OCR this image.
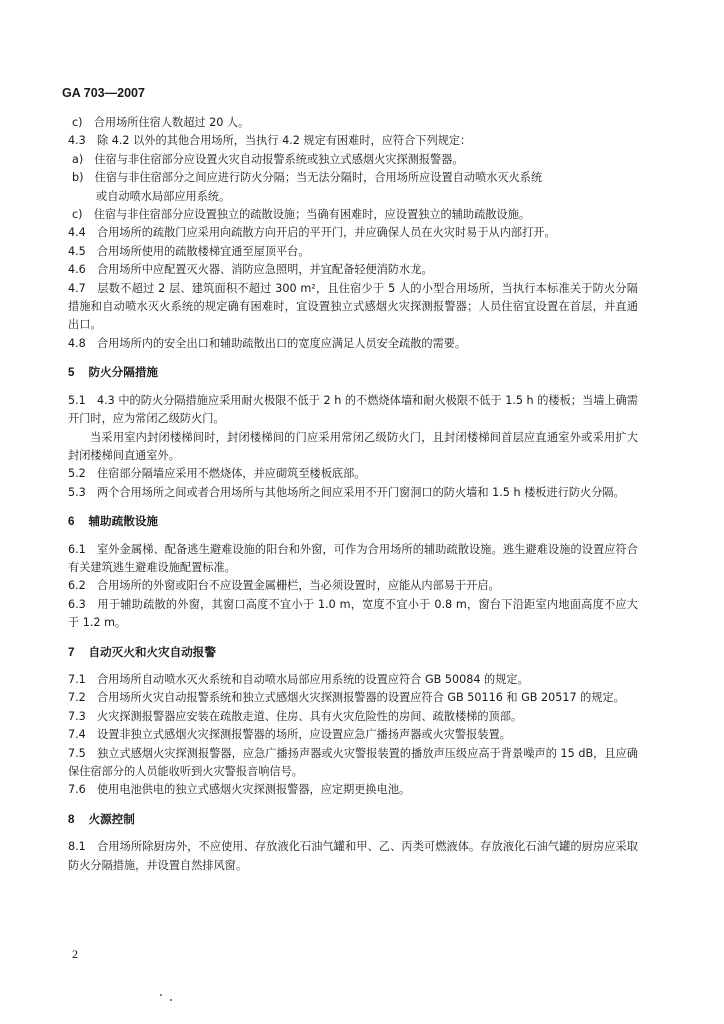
GA 703—2007

c)　合用场所住宿人数超过 20 人。

4.3　除 4.2 以外的其他合用场所，当执行 4.2 规定有困难时，应符合下列规定：

a)　住宿与非住宿部分应设置火灾自动报警系统或独立式感烟火灾探测报警器。

b)　住宿与非住宿部分之间应进行防火分隔；当无法分隔时，合用场所应设置自动喷水灭火系统

或自动喷水局部应用系统。

c)　住宿与非住宿部分应设置独立的疏散设施；当确有困难时，应设置独立的辅助疏散设施。

4.4　合用场所的疏散门应采用向疏散方向开启的平开门，并应确保人员在火灾时易于从内部打开。

4.5　合用场所使用的疏散楼梯宜通至屋顶平台。

4.6　合用场所中应配置灭火器、消防应急照明，并宜配备轻便消防水龙。

4.7　层数不超过 2 层、建筑面积不超过 300 m²，且住宿少于 5 人的小型合用场所，当执行本标准关于防火分隔措施和自动喷水灭火系统的规定确有困难时，宜设置独立式感烟火灾探测报警器；人员住宿宜设置在首层，并直通出口。

4.8　合用场所内的安全出口和辅助疏散出口的宽度应满足人员安全疏散的需要。

5 防火分隔措施

5.1　4.3 中的防火分隔措施应采用耐火极限不低于 2 h 的不燃烧体墙和耐火极限不低于 1.5 h 的楼板；当墙上确需开门时，应为常闭乙级防火门。

当采用室内封闭楼梯间时，封闭楼梯间的门应采用常闭乙级防火门，且封闭楼梯间首层应直通室外或采用扩大封闭楼梯间直通室外。

5.2　住宿部分隔墙应采用不燃烧体，并应砌筑至楼板底部。

5.3　两个合用场所之间或者合用场所与其他场所之间应采用不开门窗洞口的防火墙和 1.5 h 楼板进行防火分隔。

6 辅助疏散设施

6.1　室外金属梯、配备逃生避难设施的阳台和外窗，可作为合用场所的辅助疏散设施。逃生避难设施的设置应符合有关建筑逃生避难设施配置标准。

6.2　合用场所的外窗或阳台不应设置金属栅栏，当必须设置时，应能从内部易于开启。

6.3　用于辅助疏散的外窗，其窗口高度不宜小于 1.0 m，宽度不宜小于 0.8 m，窗台下沿距室内地面高度不应大于 1.2 m。

7 自动灭火和火灾自动报警

7.1　合用场所自动喷水灭火系统和自动喷水局部应用系统的设置应符合 GB 50084 的规定。

7.2　合用场所火灾自动报警系统和独立式感烟火灾探测报警器的设置应符合 GB 50116 和 GB 20517 的规定。

7.3　火灾探测报警器应安装在疏散走道、住房、具有火灾危险性的房间、疏散楼梯的顶部。

7.4　设置非独立式感烟火灾探测报警器的场所，应设置应急广播扬声器或火灾警报装置。

7.5　独立式感烟火灾探测报警器，应急广播扬声器或火灾警报装置的播放声压级应高于背景噪声的 15 dB，且应确保住宿部分的人员能收听到火灾警报音响信号。

7.6　使用电池供电的独立式感烟火灾探测报警器，应定期更换电池。

8 火源控制

8.1　合用场所除厨房外，不应使用、存放液化石油气罐和甲、乙、丙类可燃液体。存放液化石油气罐的厨房应采取防火分隔措施，并设置自然排风窗。

2
